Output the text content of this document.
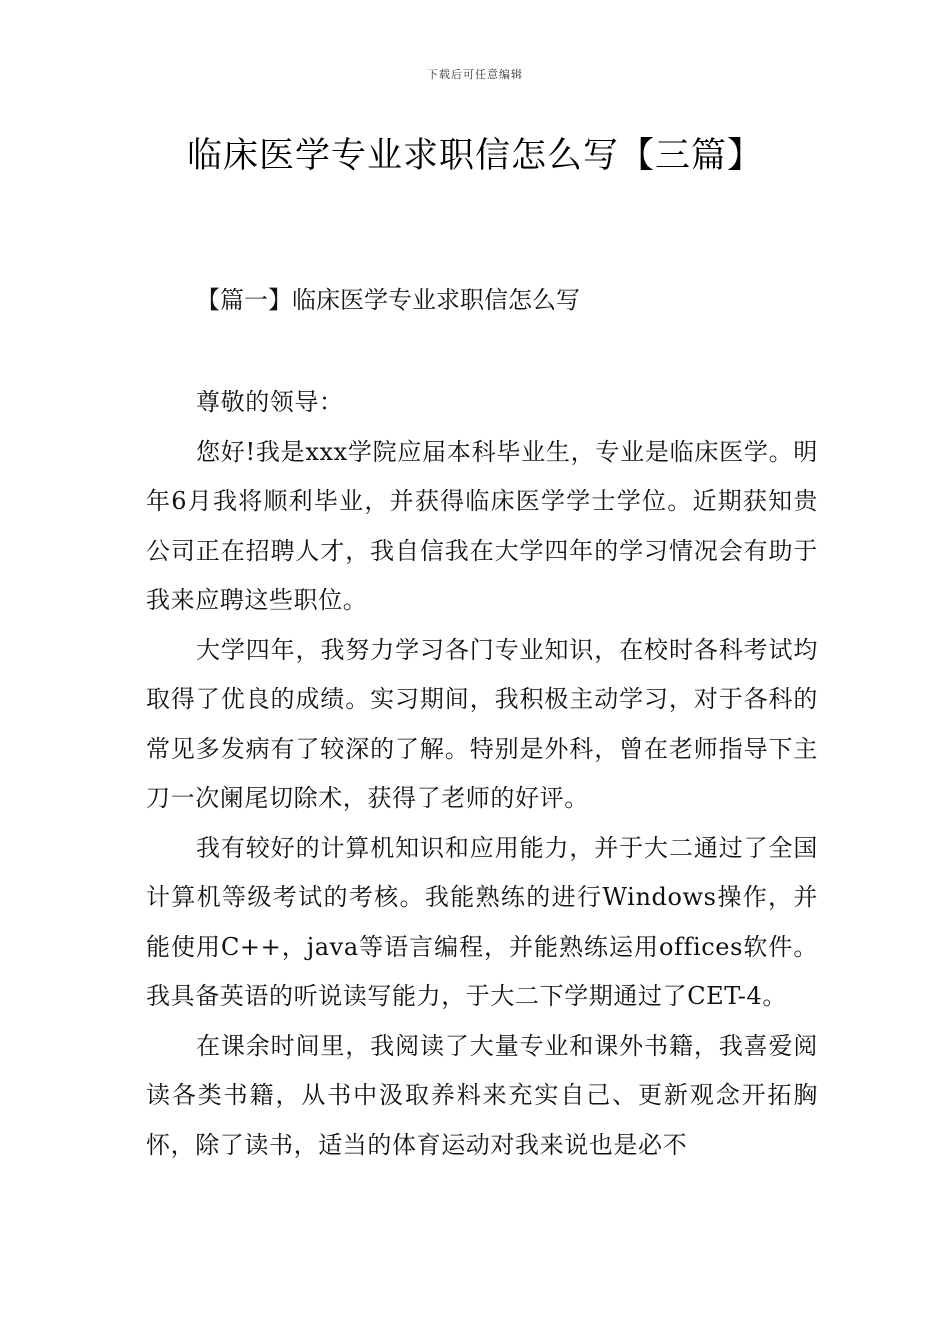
下载后可任意编辑
临床医学专业求职信怎么写【三篇】
【篇一】临床医学专业求职信怎么写

尊敬的领导：

您好!我是xxx学院应届本科毕业生，专业是临床医学。明年6月我将顺利毕业，并获得临床医学学士学位。近期获知贵公司正在招聘人才，我自信我在大学四年的学习情况会有助于我来应聘这些职位。

大学四年，我努力学习各门专业知识，在校时各科考试均取得了优良的成绩。实习期间，我积极主动学习，对于各科的常见多发病有了较深的了解。特别是外科，曾在老师指导下主刀一次阑尾切除术，获得了老师的好评。

我有较好的计算机知识和应用能力，并于大二通过了全国计算机等级考试的考核。我能熟练的进行Windows操作，并能使用C++，java等语言编程，并能熟练运用offices软件。我具备英语的听说读写能力，于大二下学期通过了CET-4。

在课余时间里，我阅读了大量专业和课外书籍，我喜爱阅读各类书籍，从书中汲取养料来充实自己、更新观念开拓胸怀，除了读书，适当的体育运动对我来说也是必不
